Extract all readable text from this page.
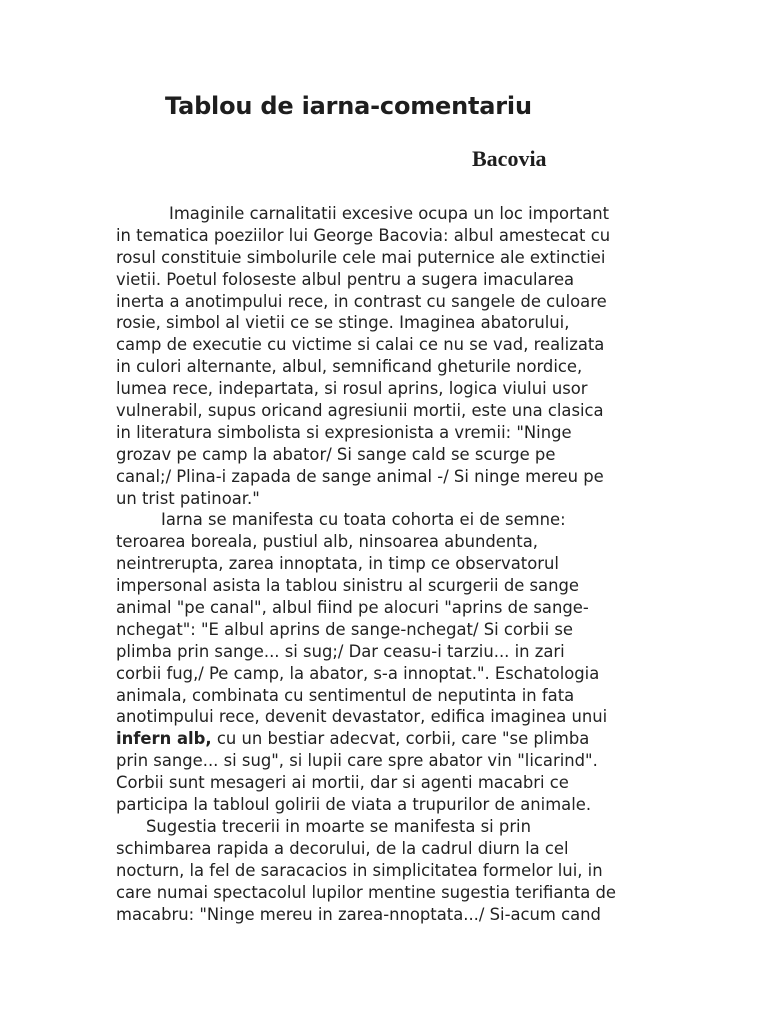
Tablou de iarna-comentariu
Bacovia
Imaginile carnalitatii excesive ocupa un loc important
in tematica poeziilor lui George Bacovia: albul amestecat cu
rosul constituie simbolurile cele mai puternice ale extinctiei
vietii. Poetul foloseste albul pentru a sugera imacularea
inerta a anotimpului rece, in contrast cu sangele de culoare
rosie, simbol al vietii ce se stinge. Imaginea abatorului,
camp de executie cu victime si calai ce nu se vad, realizata
in culori alternante, albul, semnificand gheturile nordice,
lumea rece, indepartata, si rosul aprins, logica viului usor
vulnerabil, supus oricand agresiunii mortii, este una clasica
in literatura simbolista si expresionista a vremii: "Ninge
grozav pe camp la abator/ Si sange cald se scurge pe
canal;/ Plina-i zapada de sange animal -/ Si ninge mereu pe
un trist patinoar."
Iarna se manifesta cu toata cohorta ei de semne:
teroarea boreala, pustiul alb, ninsoarea abundenta,
neintrerupta, zarea innoptata, in timp ce observatorul
impersonal asista la tablou sinistru al scurgerii de sange
animal "pe canal", albul fiind pe alocuri "aprins de sange-
nchegat": "E albul aprins de sange-nchegat/ Si corbii se
plimba prin sange... si sug;/ Dar ceasu-i tarziu... in zari
corbii fug,/ Pe camp, la abator, s-a innoptat.". Eschatologia
animala, combinata cu sentimentul de neputinta in fata
anotimpului rece, devenit devastator, edifica imaginea unui
infern alb, cu un bestiar adecvat, corbii, care "se plimba
prin sange... si sug", si lupii care spre abator vin "licarind".
Corbii sunt mesageri ai mortii, dar si agenti macabri ce
participa la tabloul golirii de viata a trupurilor de animale.
Sugestia trecerii in moarte se manifesta si prin
schimbarea rapida a decorului, de la cadrul diurn la cel
nocturn, la fel de saracacios in simplicitatea formelor lui, in
care numai spectacolul lupilor mentine sugestia terifianta de
macabru: "Ninge mereu in zarea-nnoptata.../ Si-acum cand
